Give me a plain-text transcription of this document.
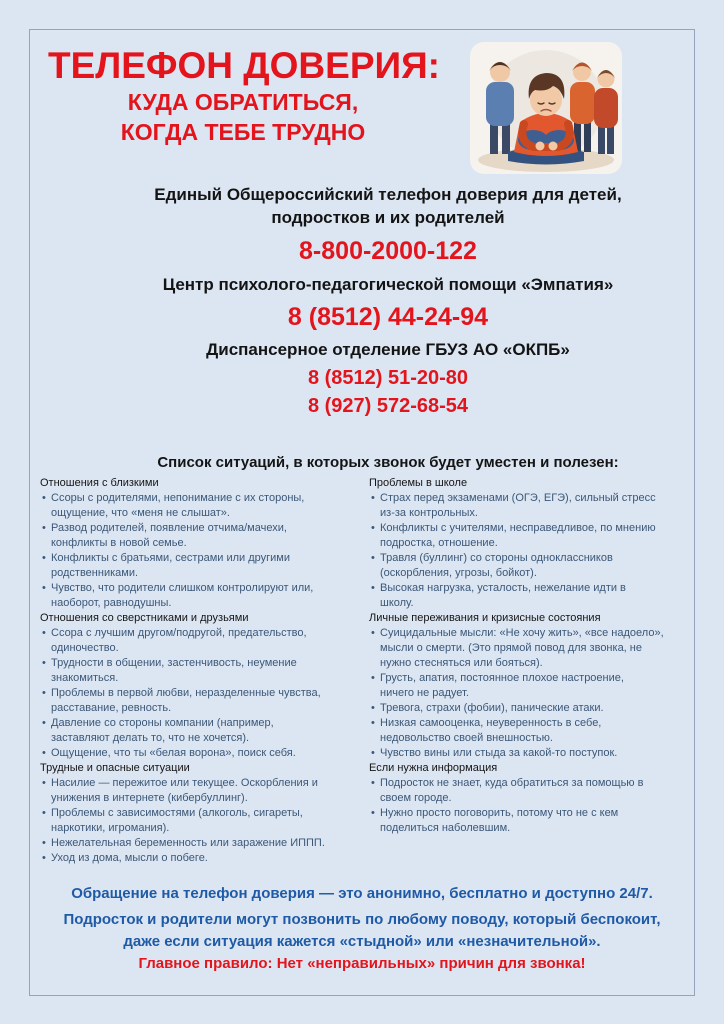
ТЕЛЕФОН ДОВЕРИЯ:
КУДА ОБРАТИТЬСЯ,
КОГДА ТЕБЕ ТРУДНО
Единый Общероссийский телефон доверия для детей,
подростков и их родителей
8-800-2000-122
Центр психолого-педагогической помощи «Эмпатия»
8 (8512) 44-24-94
Диспансерное отделение ГБУЗ АО «ОКПБ»
8 (8512) 51-20-80
8 (927) 572-68-54
Список ситуаций, в которых звонок будет уместен и полезен:
Отношения с близкими
• Ссоры с родителями, непонимание с их стороны,
ощущение, что «меня не слышат».
• Развод родителей, появление отчима/мачехи,
конфликты в новой семье.
• Конфликты с братьями, сестрами или другими
родственниками.
• Чувство, что родители слишком контролируют или,
наоборот, равнодушны.
Отношения со сверстниками и друзьями
• Ссора с лучшим другом/подругой, предательство,
одиночество.
• Трудности в общении, застенчивость, неумение
знакомиться.
• Проблемы в первой любви, неразделенные чувства,
расставание, ревность.
• Давление со стороны компании (например,
заставляют делать то, что не хочется).
• Ощущение, что ты «белая ворона», поиск себя.
Трудные и опасные ситуации
• Насилие — пережитое или текущее. Оскорбления и
унижения в интернете (кибербуллинг).
• Проблемы с зависимостями (алкоголь, сигареты,
наркотики, игромания).
• Нежелательная беременность или заражение ИППП.
• Уход из дома, мысли о побеге.
Проблемы в школе
• Страх перед экзаменами (ОГЭ, ЕГЭ), сильный стресс
из-за контрольных.
• Конфликты с учителями, несправедливое, по мнению
подростка, отношение.
• Травля (буллинг) со стороны одноклассников
(оскорбления, угрозы, бойкот).
• Высокая нагрузка, усталость, нежелание идти в
школу.
Личные переживания и кризисные состояния
• Суицидальные мысли: «Не хочу жить», «все надоело»,
мысли о смерти. (Это прямой повод для звонка, не
нужно стесняться или бояться).
• Грусть, апатия, постоянное плохое настроение,
ничего не радует.
• Тревога, страхи (фобии), панические атаки.
• Низкая самооценка, неуверенность в себе,
недовольство своей внешностью.
• Чувство вины или стыда за какой-то поступок.
Если нужна информация
• Подросток не знает, куда обратиться за помощью в
своем городе.
• Нужно просто поговорить, потому что не с кем
поделиться наболевшим.
Обращение на телефон доверия — это анонимно, бесплатно и доступно 24/7.
Подросток и родители могут позвонить по любому поводу, который беспокоит,
даже если ситуация кажется «стыдной» или «незначительной».
Главное правило: Нет «неправильных» причин для звонка!
